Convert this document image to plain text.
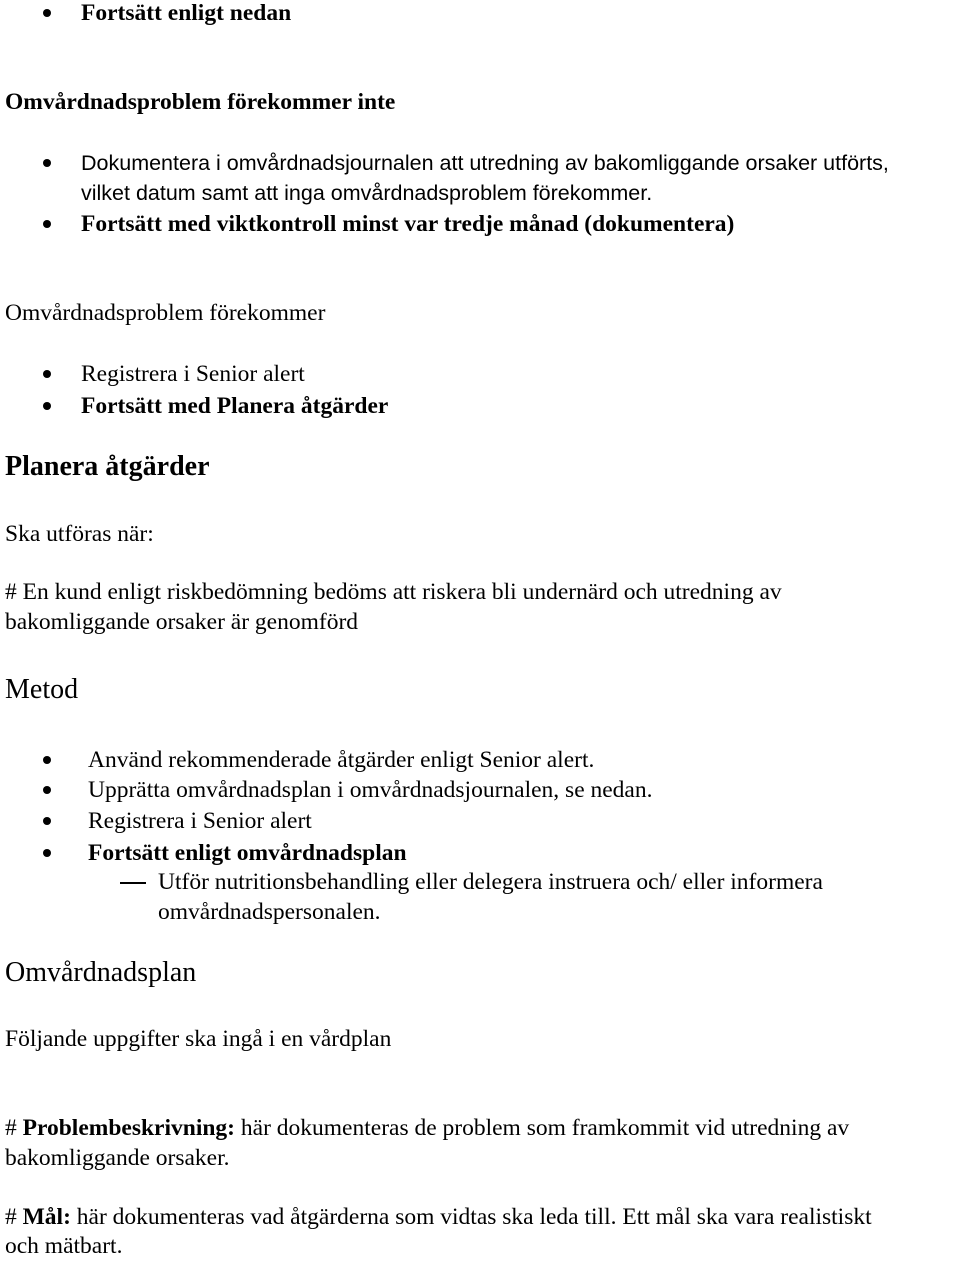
Fortsätt enligt nedan
Omvårdnadsproblem förekommer inte
Dokumentera i omvårdnadsjournalen att utredning av bakomliggande orsaker utförts,
vilket datum samt att inga omvårdnadsproblem förekommer.
Fortsätt med viktkontroll minst var tredje månad (dokumentera)
Omvårdnadsproblem förekommer
Registrera i Senior alert
Fortsätt med Planera åtgärder
Planera åtgärder
Ska utföras när:
# En kund enligt riskbedömning bedöms att riskera bli undernärd och utredning av
bakomliggande orsaker är genomförd
Metod
Använd rekommenderade åtgärder enligt Senior alert.
Upprätta omvårdnadsplan i omvårdnadsjournalen, se nedan.
Registrera i Senior alert
Fortsätt enligt omvårdnadsplan
Utför nutritionsbehandling eller delegera instruera och/ eller informera
omvårdnadspersonalen.
Omvårdnadsplan
Följande uppgifter ska ingå i en vårdplan
# Problembeskrivning: här dokumenteras de problem som framkommit vid utredning av
bakomliggande orsaker.
# Mål: här dokumenteras vad åtgärderna som vidtas ska leda till. Ett mål ska vara realistiskt
och mätbart.
